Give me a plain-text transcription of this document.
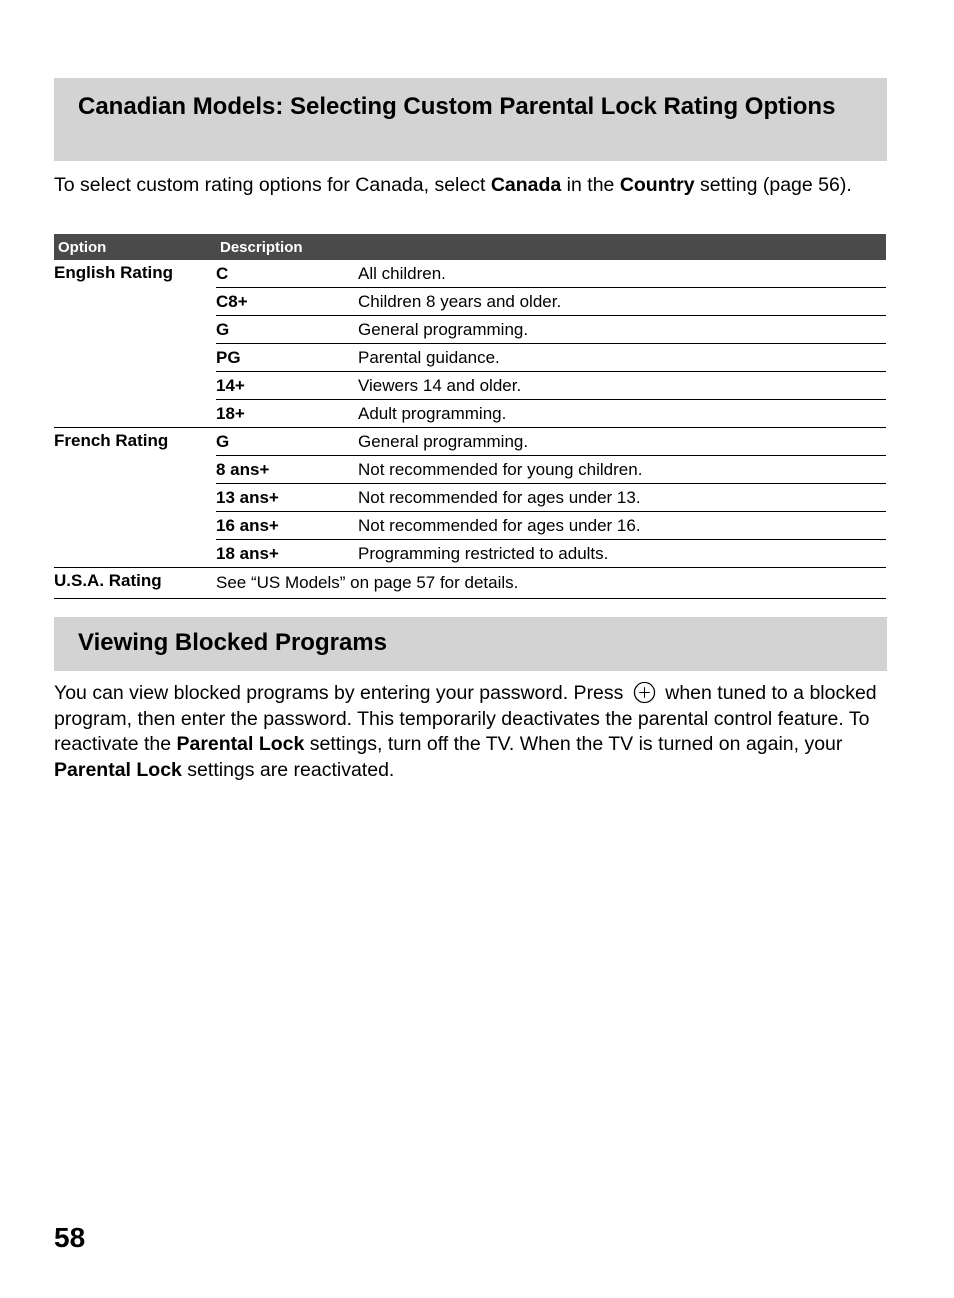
Canadian Models: Selecting Custom Parental Lock Rating Options

To select custom rating options for Canada, select Canada in the Country setting (page 56).

Option	Description	
English Rating	C	All children.
	C8+	Children 8 years and older.
	G	General programming.
	PG	Parental guidance.
	14+	Viewers 14 and older.
	18+	Adult programming.
French Rating	G	General programming.
	8 ans+	Not recommended for young children.
	13 ans+	Not recommended for ages under 13.
	16 ans+	Not recommended for ages under 16.
	18 ans+	Programming restricted to adults.
U.S.A. Rating	See “US Models” on page 57 for details.	
Viewing Blocked Programs

You can view blocked programs by entering your password. Press  when tuned to a blocked program, then enter the password. This temporarily deactivates the parental control feature. To reactivate the Parental Lock settings, turn off the TV. When the TV is turned on again, your Parental Lock settings are reactivated.

58
